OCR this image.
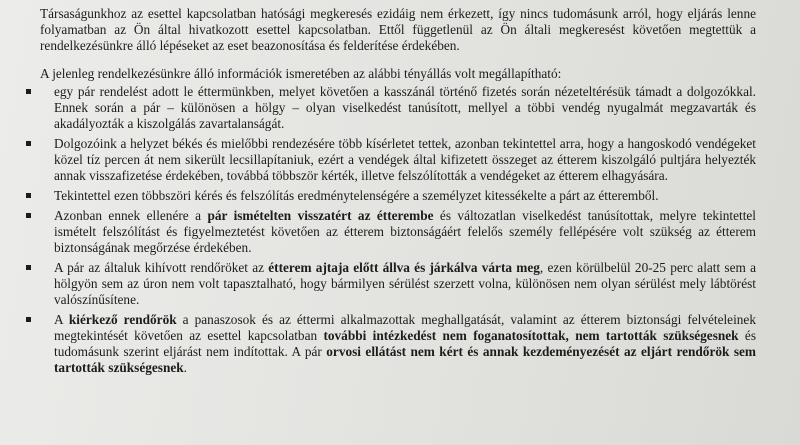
Társaságunkhoz az esettel kapcsolatban hatósági megkeresés ezidáig nem érkezett, így nincs tudomásunk arról, hogy eljárás lenne folyamatban az Ön által hivatkozott esettel kapcsolatban. Ettől függetlenül az Ön általi megkeresést követően megtettük a rendelkezésünkre álló lépéseket az eset beazonosítása és felderítése érdekében.

A jelenleg rendelkezésünkre álló információk ismeretében az alábbi tényállás volt megállapítható:

egy pár rendelést adott le éttermünkben, melyet követően a kasszánál történő fizetés során nézeteltérésük támadt a dolgozókkal. Ennek során a pár – különösen a hölgy – olyan viselkedést tanúsított, mellyel a többi vendég nyugalmát megzavarták és akadályozták a kiszolgálás zavartalanságát.
Dolgozóink a helyzet békés és mielőbbi rendezésére több kísérletet tettek, azonban tekintettel arra, hogy a hangoskodó vendégeket közel tíz percen át nem sikerült lecsillapítaniuk, ezért a vendégek által kifizetett összeget az étterem kiszolgáló pultjára helyezték annak visszafizetése érdekében, továbbá többször kérték, illetve felszólították a vendégeket az étterem elhagyására.
Tekintettel ezen többszöri kérés és felszólítás eredménytelenségére a személyzet kitessékelte a párt az étteremből.
Azonban ennek ellenére a pár ismételten visszatért az étterembe és változatlan viselkedést tanúsítottak, melyre tekintettel ismételt felszólítást és figyelmeztetést követően az étterem biztonságáért felelős személy fellépésére volt szükség az étterem biztonságának megőrzése érdekében.
A pár az általuk kihívott rendőröket az étterem ajtaja előtt állva és járkálva várta meg, ezen körülbelül 20-25 perc alatt sem a hölgyön sem az úron nem volt tapasztalható, hogy bármilyen sérülést szerzett volna, különösen nem olyan sérülést mely lábtörést valószínűsítene.
A kiérkező rendőrök a panaszosok és az éttermi alkalmazottak meghallgatását, valamint az étterem biztonsági felvételeinek megtekintését követően az esettel kapcsolatban további intézkedést nem foganatosítottak, nem tartották szükségesnek és tudomásunk szerint eljárást nem indítottak. A pár orvosi ellátást nem kért és annak kezdeményezését az eljárt rendőrök sem tartották szükségesnek.
